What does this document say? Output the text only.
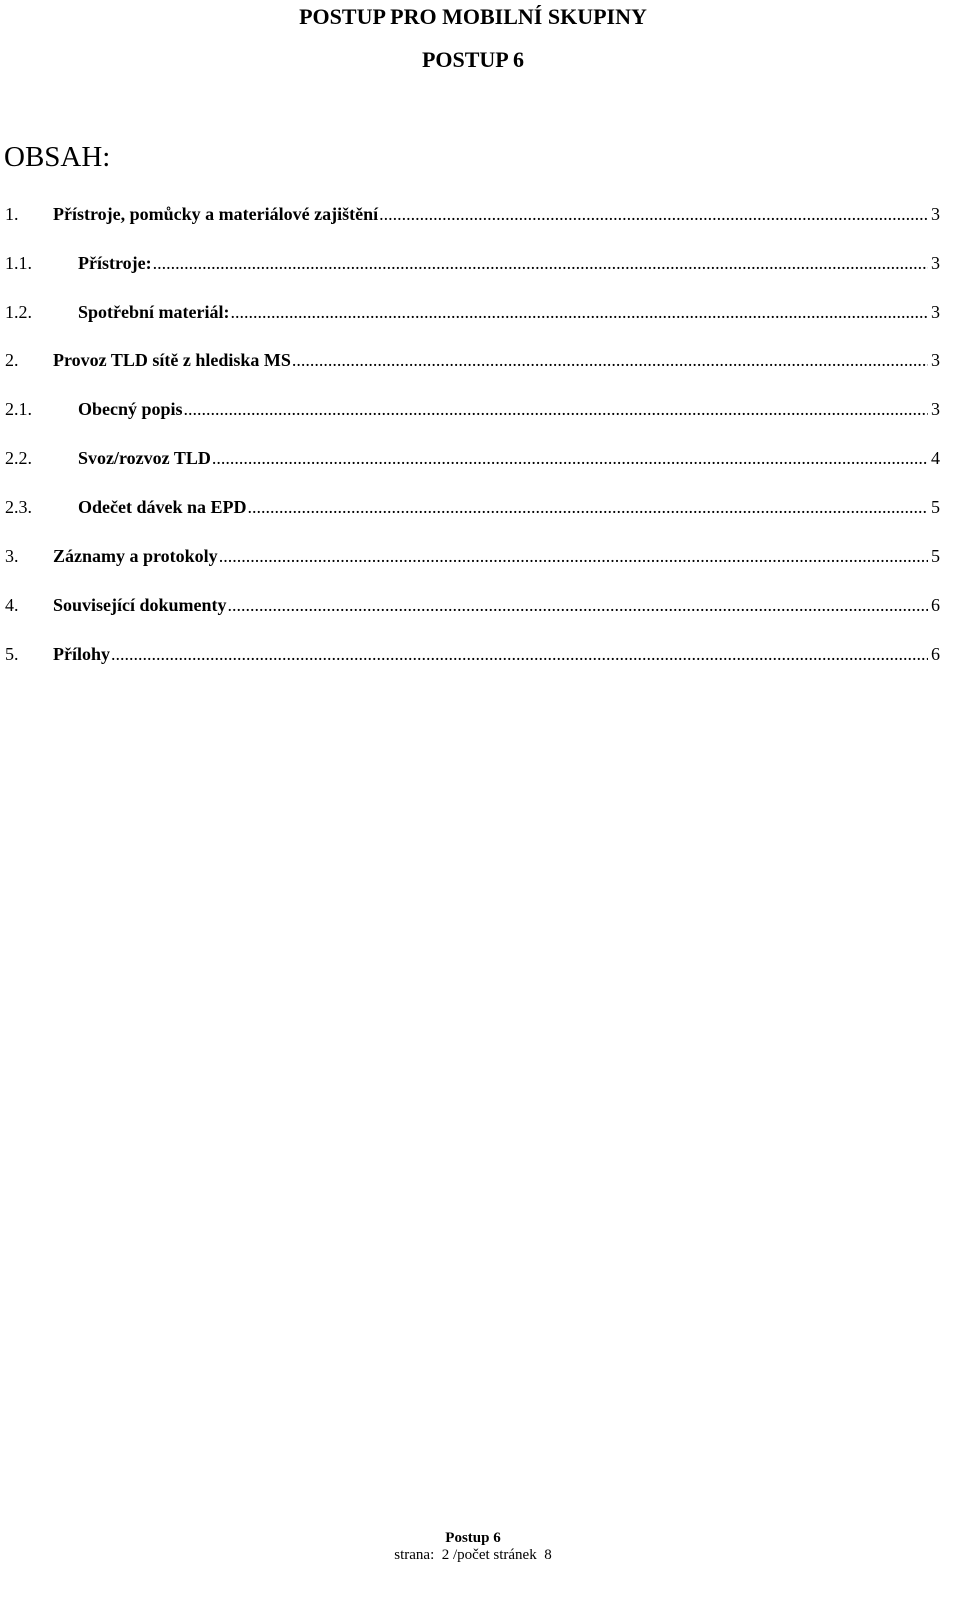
POSTUP PRO MOBILNÍ SKUPINY
POSTUP 6
OBSAH:
1.	Přístroje, pomůcky a materiálové zajištění .....	3
1.1.	Přístroje: .....	3
1.2.	Spotřební materiál: .....	3
2.	Provoz TLD sítě z hlediska MS .....	3
2.1.	Obecný popis .....	3
2.2.	Svoz/rozvoz TLD .....	4
2.3.	Odečet dávek na EPD .....	5
3.	Záznamy a protokoly .....	5
4.	Související dokumenty .....	6
5.	Přílohy .....	6
Postup 6
strana:  2 /počet stránek  8
